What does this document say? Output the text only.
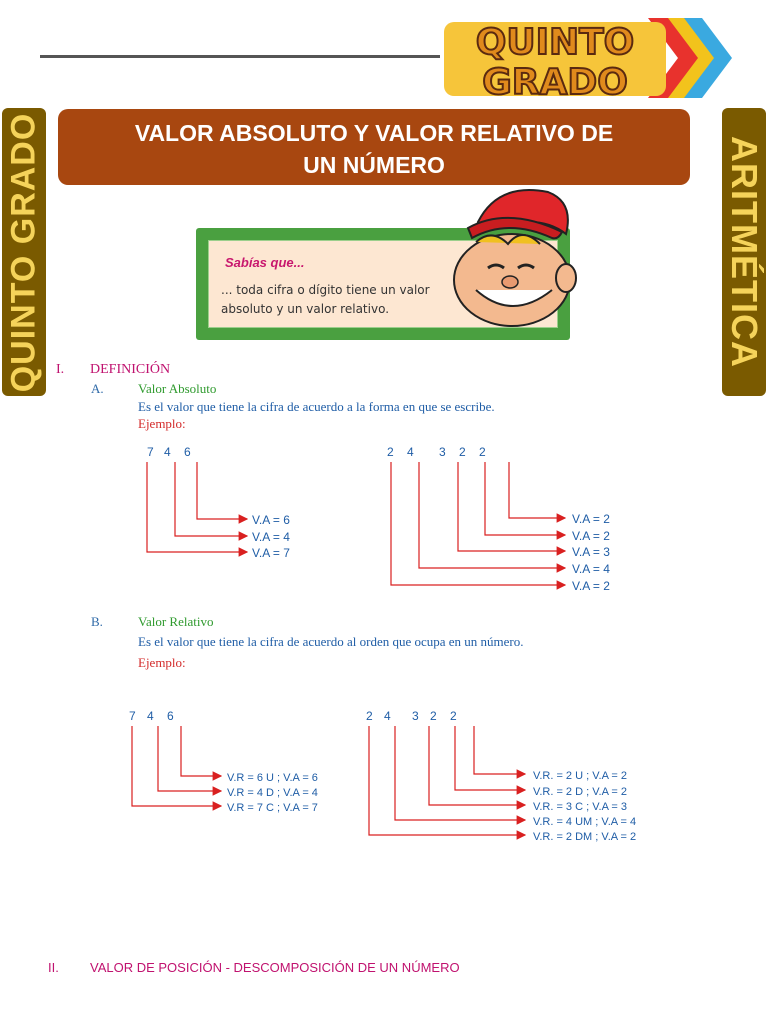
QUINTO
GRADO
QUINTO GRADO	ARITMÉTICA
VALOR ABSOLUTO Y VALOR RELATIVO DE
UN NÚMERO
Sabías que...
... toda cifra o dígito tiene un valor absoluto y un valor relativo.
I. DEFINICIÓN
A.	Valor Absoluto
Es el valor que tiene la cifra de acuerdo a la forma en que se escribe.
Ejemplo:
7 4 6
V.A = 6
V.A = 4
V.A = 7
2 4 3 2 2
V.A = 2
V.A = 2
V.A = 3
V.A = 4
V.A = 2
B.	Valor Relativo
Es el valor que tiene la cifra de acuerdo al orden que ocupa en un número.
Ejemplo:
7 4 6
V.R = 6 U ; V.A = 6
V.R = 4 D ; V.A = 4
V.R = 7 C ; V.A = 7
2 4 3 2 2
V.R. = 2 U ; V.A = 2
V.R. = 2 D ; V.A = 2
V.R. = 3 C ; V.A = 3
V.R. = 4 UM ; V.A = 4
V.R. = 2 DM ; V.A = 2
II. VALOR DE POSICIÓN - DESCOMPOSICIÓN DE UN NÚMERO
